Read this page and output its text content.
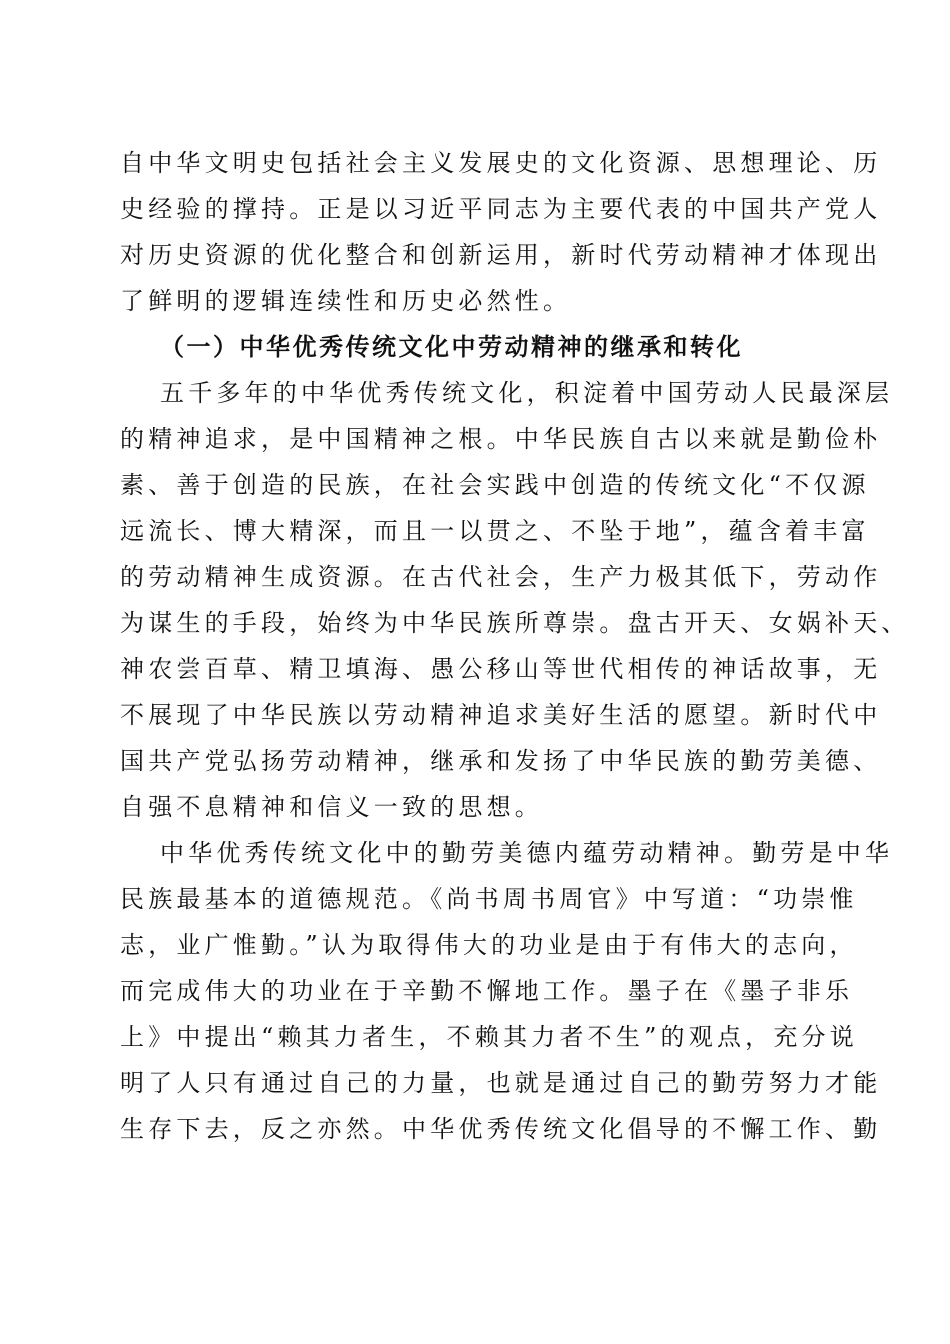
自中华文明史包括社会主义发展史的文化资源、思想理论、历
史经验的撑持。正是以习近平同志为主要代表的中国共产党人
对历史资源的优化整合和创新运用，新时代劳动精神才体现出
了鲜明的逻辑连续性和历史必然性。
（一）中华优秀传统文化中劳动精神的继承和转化
五千多年的中华优秀传统文化，积淀着中国劳动人民最深层
的精神追求，是中国精神之根。中华民族自古以来就是勤俭朴
素、善于创造的民族，在社会实践中创造的传统文化“不仅源
远流长、博大精深，而且一以贯之、不坠于地”，蕴含着丰富
的劳动精神生成资源。在古代社会，生产力极其低下，劳动作
为谋生的手段，始终为中华民族所尊崇。盘古开天、女娲补天、
神农尝百草、精卫填海、愚公移山等世代相传的神话故事，无
不展现了中华民族以劳动精神追求美好生活的愿望。新时代中
国共产党弘扬劳动精神，继承和发扬了中华民族的勤劳美德、
自强不息精神和信义一致的思想。
中华优秀传统文化中的勤劳美德内蕴劳动精神。勤劳是中华
民族最基本的道德规范。《尚书周书周官》中写道：“功崇惟
志，业广惟勤。”认为取得伟大的功业是由于有伟大的志向，
而完成伟大的功业在于辛勤不懈地工作。墨子在《墨子非乐
上》中提出“赖其力者生，不赖其力者不生”的观点，充分说
明了人只有通过自己的力量，也就是通过自己的勤劳努力才能
生存下去，反之亦然。中华优秀传统文化倡导的不懈工作、勤
